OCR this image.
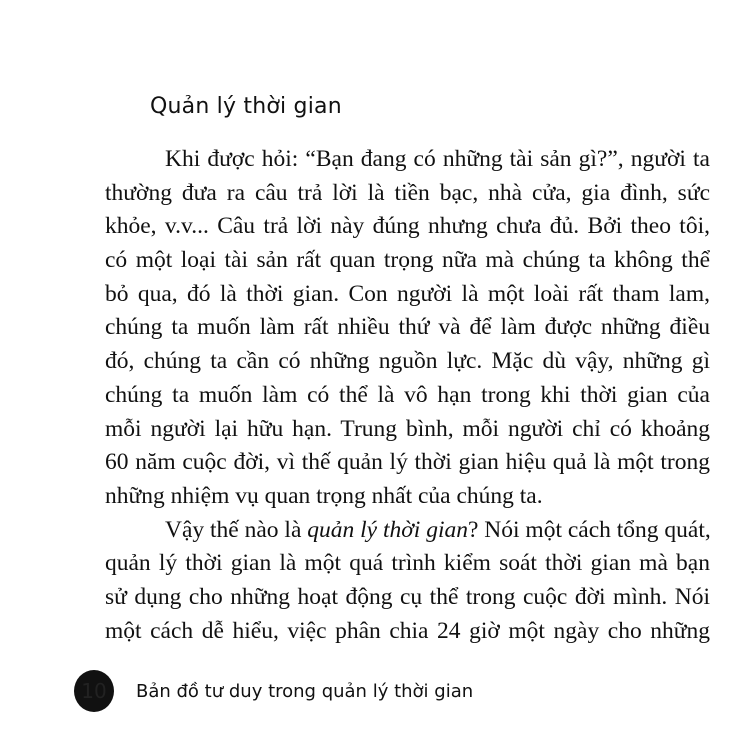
Quản lý thời gian
Khi được hỏi: “Bạn đang có những tài sản gì?”, người ta
thường đưa ra câu trả lời là tiền bạc, nhà cửa, gia đình, sức
khỏe, v.v... Câu trả lời này đúng nhưng chưa đủ. Bởi theo tôi,
có một loại tài sản rất quan trọng nữa mà chúng ta không thể
bỏ qua, đó là thời gian. Con người là một loài rất tham lam,
chúng ta muốn làm rất nhiều thứ và để làm được những điều
đó, chúng ta cần có những nguồn lực. Mặc dù vậy, những gì
chúng ta muốn làm có thể là vô hạn trong khi thời gian của
mỗi người lại hữu hạn. Trung bình, mỗi người chỉ có khoảng
60 năm cuộc đời, vì thế quản lý thời gian hiệu quả là một trong
những nhiệm vụ quan trọng nhất của chúng ta.
Vậy thế nào là quản lý thời gian ? Nói một cách tổng quát,
quản lý thời gian là một quá trình kiểm soát thời gian mà bạn
sử dụng cho những hoạt động cụ thể trong cuộc đời mình. Nói
một cách dễ hiểu, việc phân chia 24 giờ một ngày cho những
10	Bản đồ tư duy trong quản lý thời gian
